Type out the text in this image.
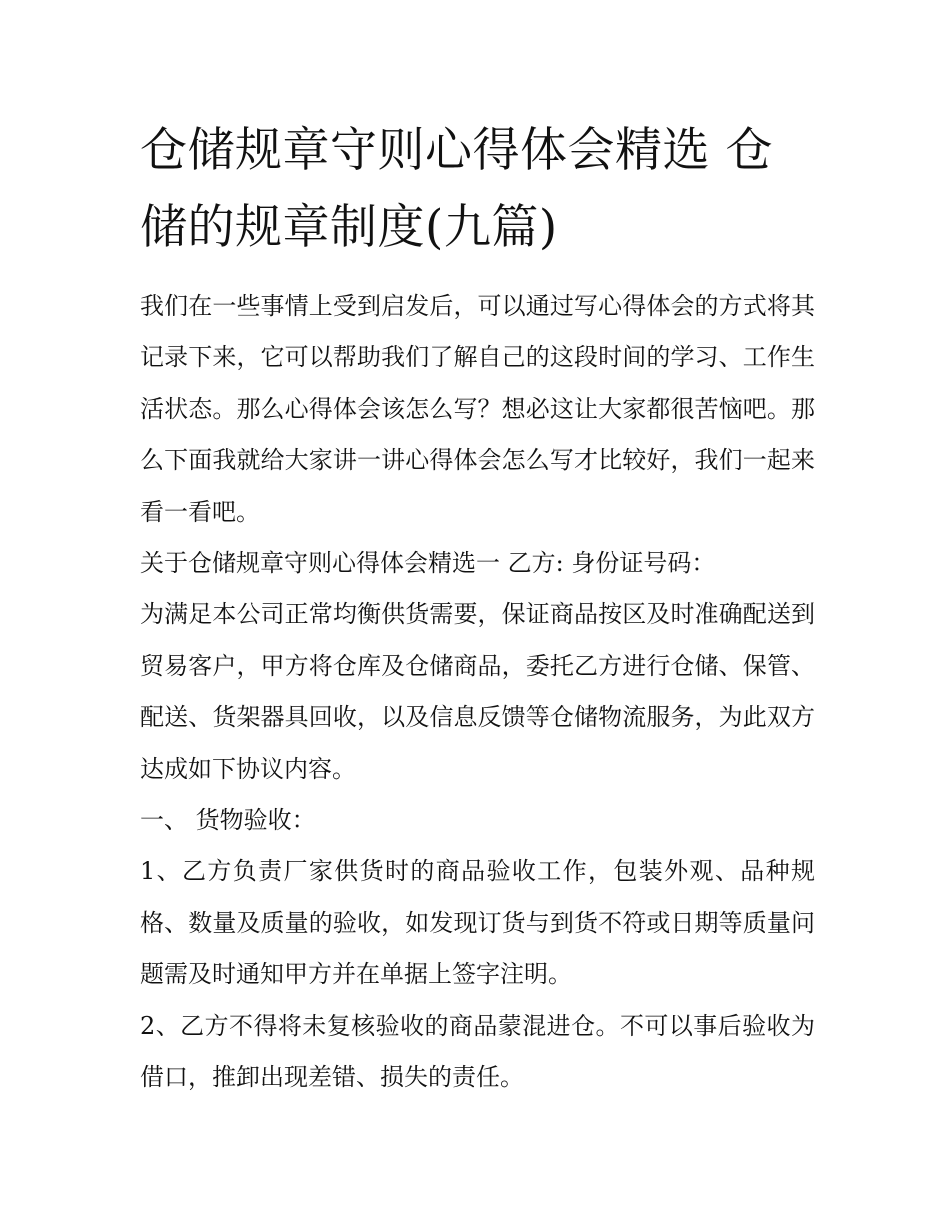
仓储规章守则心得体会精选 仓储的规章制度(九篇)

我们在一些事情上受到启发后，可以通过写心得体会的方式将其记录下来，它可以帮助我们了解自己的这段时间的学习、工作生活状态。那么心得体会该怎么写？想必这让大家都很苦恼吧。那么下面我就给大家讲一讲心得体会怎么写才比较好，我们一起来看一看吧。

关于仓储规章守则心得体会精选一 乙方: 身份证号码：

为满足本公司正常均衡供货需要，保证商品按区及时准确配送到贸易客户，甲方将仓库及仓储商品，委托乙方进行仓储、保管、配送、货架器具回收，以及信息反馈等仓储物流服务，为此双方达成如下协议内容。

一、 货物验收：

1、乙方负责厂家供货时的商品验收工作，包装外观、品种规格、数量及质量的验收，如发现订货与到货不符或日期等质量问题需及时通知甲方并在单据上签字注明。

2、乙方不得将未复核验收的商品蒙混进仓。不可以事后验收为借口，推卸出现差错、损失的责任。
